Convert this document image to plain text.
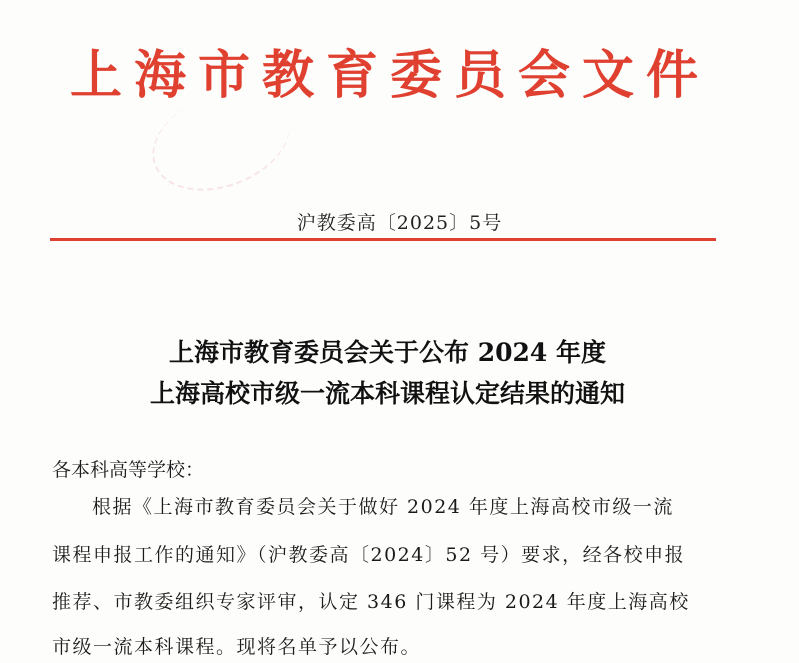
上海市教育委员会文件
沪教委高〔2025〕5号
上海市教育委员会关于公布 2024 年度
上海高校市级一流本科课程认定结果的通知
各本科高等学校：
根据《上海市教育委员会关于做好 2024 年度上海高校市级一流
课程申报工作的通知》（沪教委高〔2024〕52 号）要求，经各校申报
推荐、市教委组织专家评审，认定 346 门课程为 2024 年度上海高校
市级一流本科课程。现将名单予以公布。
